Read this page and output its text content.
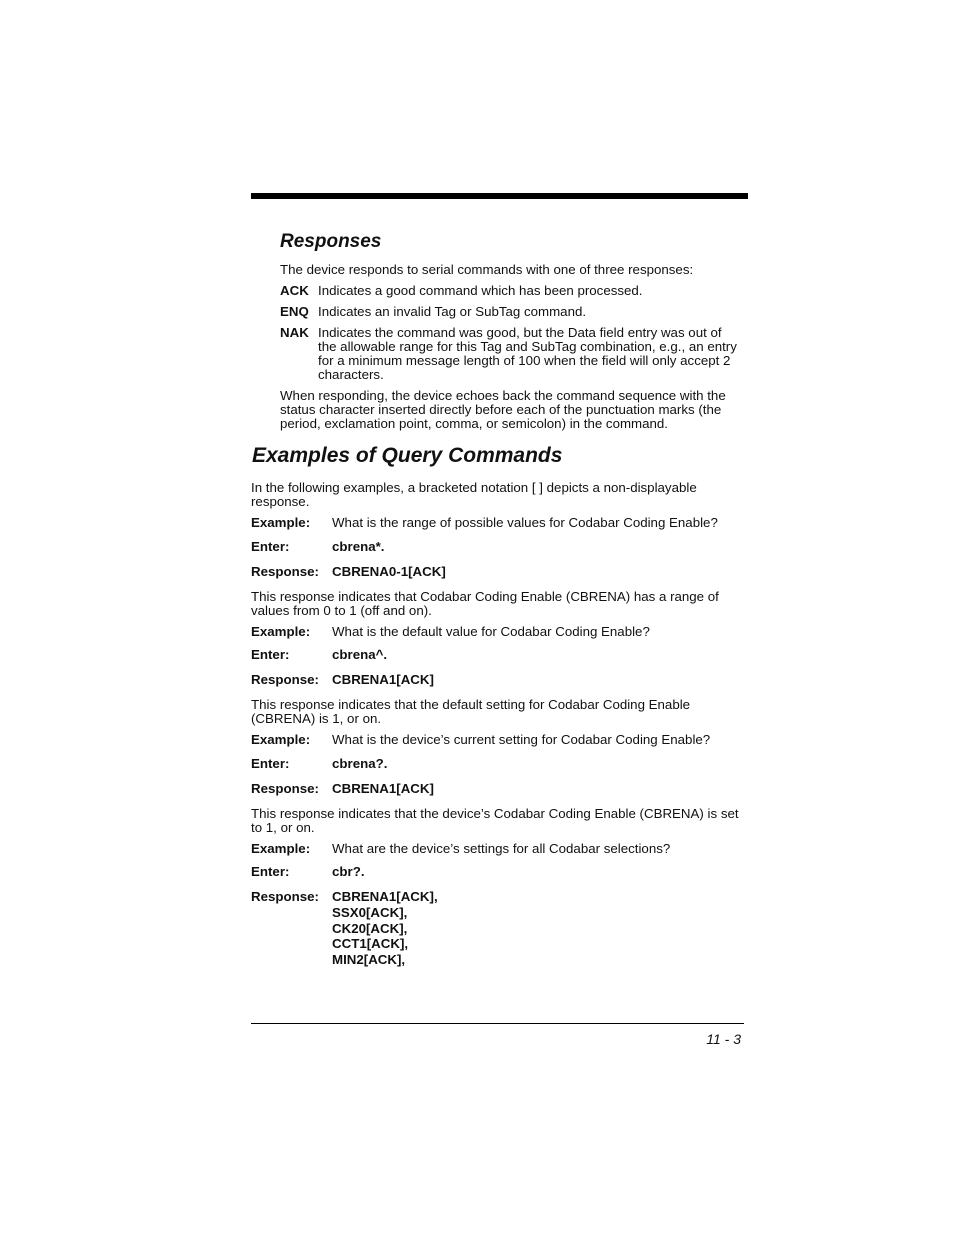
Responses

The device responds to serial commands with one of three responses:

ACK Indicates a good command which has been processed.

ENQ Indicates an invalid Tag or SubTag command.

NAK Indicates the command was good, but the Data field entry was out of the allowable range for this Tag and SubTag combination, e.g., an entry for a minimum message length of 100 when the field will only accept 2 characters.

When responding, the device echoes back the command sequence with the status character inserted directly before each of the punctuation marks (the period, exclamation point, comma, or semicolon) in the command.

Examples of Query Commands

In the following examples, a bracketed notation [ ] depicts a non-displayable response.

Example: What is the range of possible values for Codabar Coding Enable?
Enter:	cbrena*.
Response: CBRENA0-1[ACK]

This response indicates that Codabar Coding Enable (CBRENA) has a range of values from 0 to 1 (off and on).

Example: What is the default value for Codabar Coding Enable?
Enter:	cbrena^.
Response: CBRENA1[ACK]

This response indicates that the default setting for Codabar Coding Enable (CBRENA) is 1, or on.

Example: What is the device’s current setting for Codabar Coding Enable?
Enter:	cbrena?.
Response: CBRENA1[ACK]

This response indicates that the device’s Codabar Coding Enable (CBRENA) is set to 1, or on.

Example: What are the device’s settings for all Codabar selections?
Enter:	cbr?.
Response: CBRENA1[ACK],
SSX0[ACK],
CK20[ACK],
CCT1[ACK],
MIN2[ACK],
11 - 3
